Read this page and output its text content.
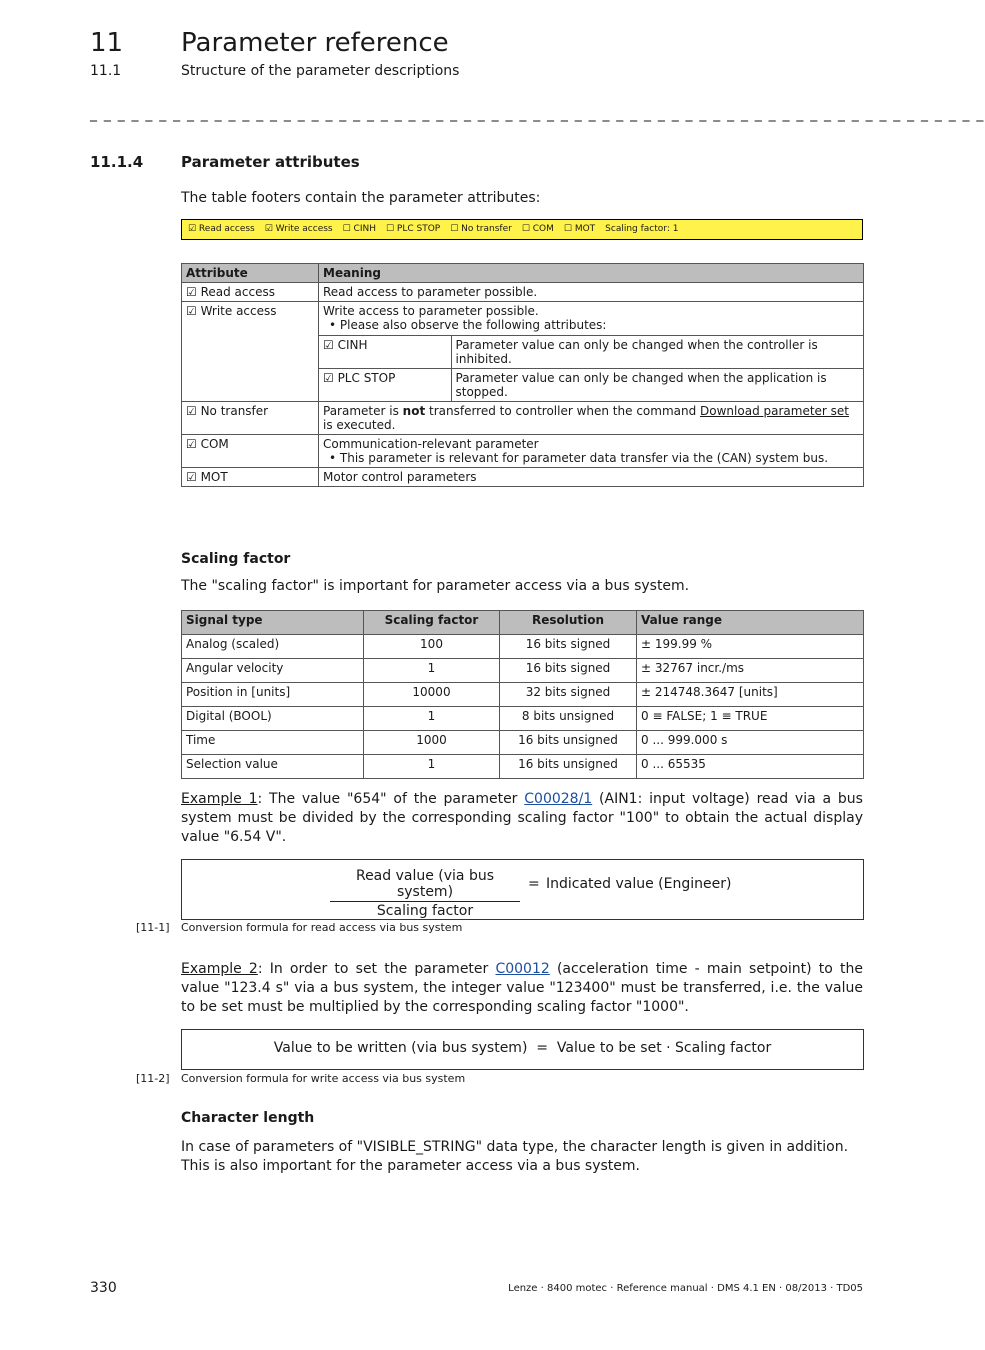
11 Parameter reference
11.1	Structure of the parameter descriptions
_ _ _ _ _ _ _ _ _ _ _ _ _ _ _ _ _ _ _ _ _ _ _ _ _ _ _ _ _ _ _ _ _ _ _ _ _ _ _ _ _ _ _ _ _ _ _ _ _ _ _ _ _ _ _ _ _ _ _ _ _ _ _ _ _
11.1.4	Parameter attributes
The table footers contain the parameter attributes:
☑ Read access ☑ Write access ☐ CINH ☐ PLC STOP ☐ No transfer ☐ COM ☐ MOT Scaling factor: 1
Attribute	Meaning
☑ Read access	Read access to parameter possible.
☑ Write access	Write access to parameter possible.
• Please also observe the following attributes:
☑ CINH	Parameter value can only be changed when the controller is inhibited.
☑ PLC STOP	Parameter value can only be changed when the application is stopped.

☑ No transfer	Parameter is not transferred to controller when the command Download parameter set is executed.
☑ COM	Communication-relevant parameter
• This parameter is relevant for parameter data transfer via the (CAN) system bus.

☑ MOT	Motor control parameters
Scaling factor
The "scaling factor" is important for parameter access via a bus system.
Signal type	Scaling factor	Resolution	Value range
Analog (scaled)	100	16 bits signed	± 199.99 %
Angular velocity	1	16 bits signed	± 32767 incr./ms
Position in [units]	10000	32 bits signed	± 214748.3647 [units]
Digital (BOOL)	1	8 bits unsigned	0 ≡ FALSE; 1 ≡ TRUE
Time	1000	16 bits unsigned	0 ... 999.000 s
Selection value	1	16 bits unsigned	0 ... 65535
Example 1: The value "654" of the parameter C00028/1 (AIN1: input voltage) read via a bus system must be divided by the corresponding scaling factor "100" to obtain the actual display value "6.54 V".
Read value (via bus system)
Scaling factor
= Indicated value (Engineer)
[11-1] Conversion formula for read access via bus system
Example 2: In order to set the parameter C00012 (acceleration time - main setpoint) to the value "123.4 s" via a bus system, the integer value "123400" must be transferred, i.e. the value to be set must be multiplied by the corresponding scaling factor "1000".
Value to be written (via bus system)  =  Value to be set · Scaling factor
[11-2] Conversion formula for write access via bus system
Character length
In case of parameters of "VISIBLE_STRING" data type, the character length is given in addition. This is also important for the parameter access via a bus system.
330	Lenze · 8400 motec · Reference manual · DMS 4.1 EN · 08/2013 · TD05
